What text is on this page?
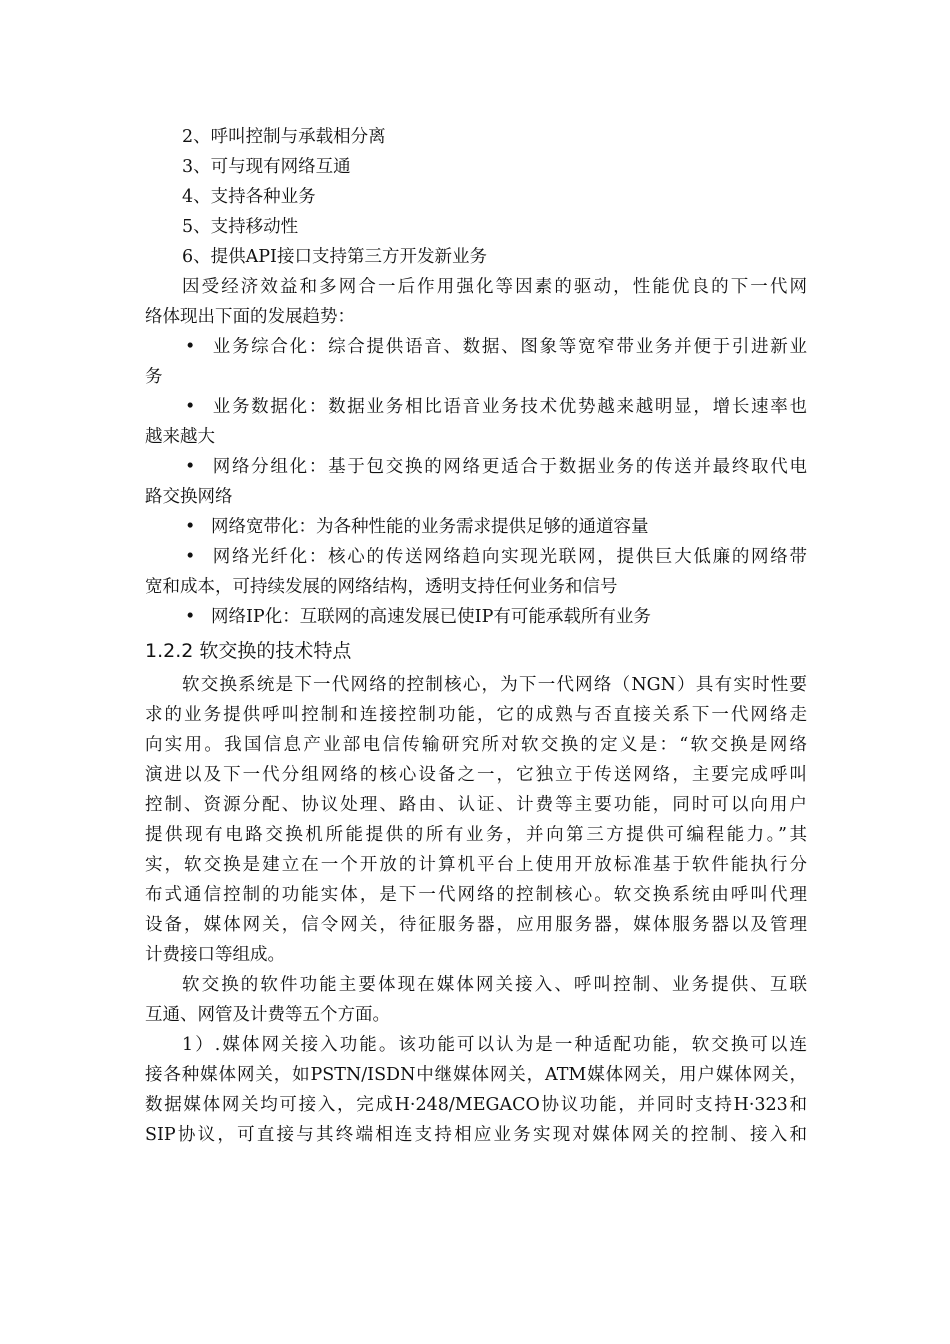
2、呼叫控制与承载相分离
3、可与现有网络互通
4、支持各种业务
5、支持移动性
6、提供API接口支持第三方开发新业务
因受经济效益和多网合一后作用强化等因素的驱动，性能优良的下一代网
络体现出下面的发展趋势：
• 业务综合化：综合提供语音、数据、图象等宽窄带业务并便于引进新业
务
• 业务数据化：数据业务相比语音业务技术优势越来越明显，增长速率也
越来越大
• 网络分组化：基于包交换的网络更适合于数据业务的传送并最终取代电
路交换网络
• 网络宽带化：为各种性能的业务需求提供足够的通道容量
• 网络光纤化：核心的传送网络趋向实现光联网，提供巨大低廉的网络带
宽和成本，可持续发展的网络结构，透明支持任何业务和信号
• 网络IP化：互联网的高速发展已使IP有可能承载所有业务
1.2.2 软交换的技术特点
软交换系统是下一代网络的控制核心，为下一代网络（NGN）具有实时性要
求的业务提供呼叫控制和连接控制功能，它的成熟与否直接关系下一代网络走
向实用。我国信息产业部电信传输研究所对软交换的定义是：“软交换是网络
演进以及下一代分组网络的核心设备之一，它独立于传送网络，主要完成呼叫
控制、资源分配、协议处理、路由、认证、计费等主要功能，同时可以向用户
提供现有电路交换机所能提供的所有业务，并向第三方提供可编程能力。”其
实，软交换是建立在一个开放的计算机平台上使用开放标准基于软件能执行分
布式通信控制的功能实体，是下一代网络的控制核心。软交换系统由呼叫代理
设备，媒体网关，信令网关，待征服务器，应用服务器，媒体服务器以及管理
计费接口等组成。
软交换的软件功能主要体现在媒体网关接入、呼叫控制、业务提供、互联
互通、网管及计费等五个方面。
1）.媒体网关接入功能。该功能可以认为是一种适配功能，软交换可以连
接各种媒体网关，如PSTN/ISDN中继媒体网关，ATM媒体网关，用户媒体网关，
数据媒体网关均可接入，完成H·248/MEGACO协议功能，并同时支持H·323和
SIP协议，可直接与其终端相连支持相应业务实现对媒体网关的控制、接入和
